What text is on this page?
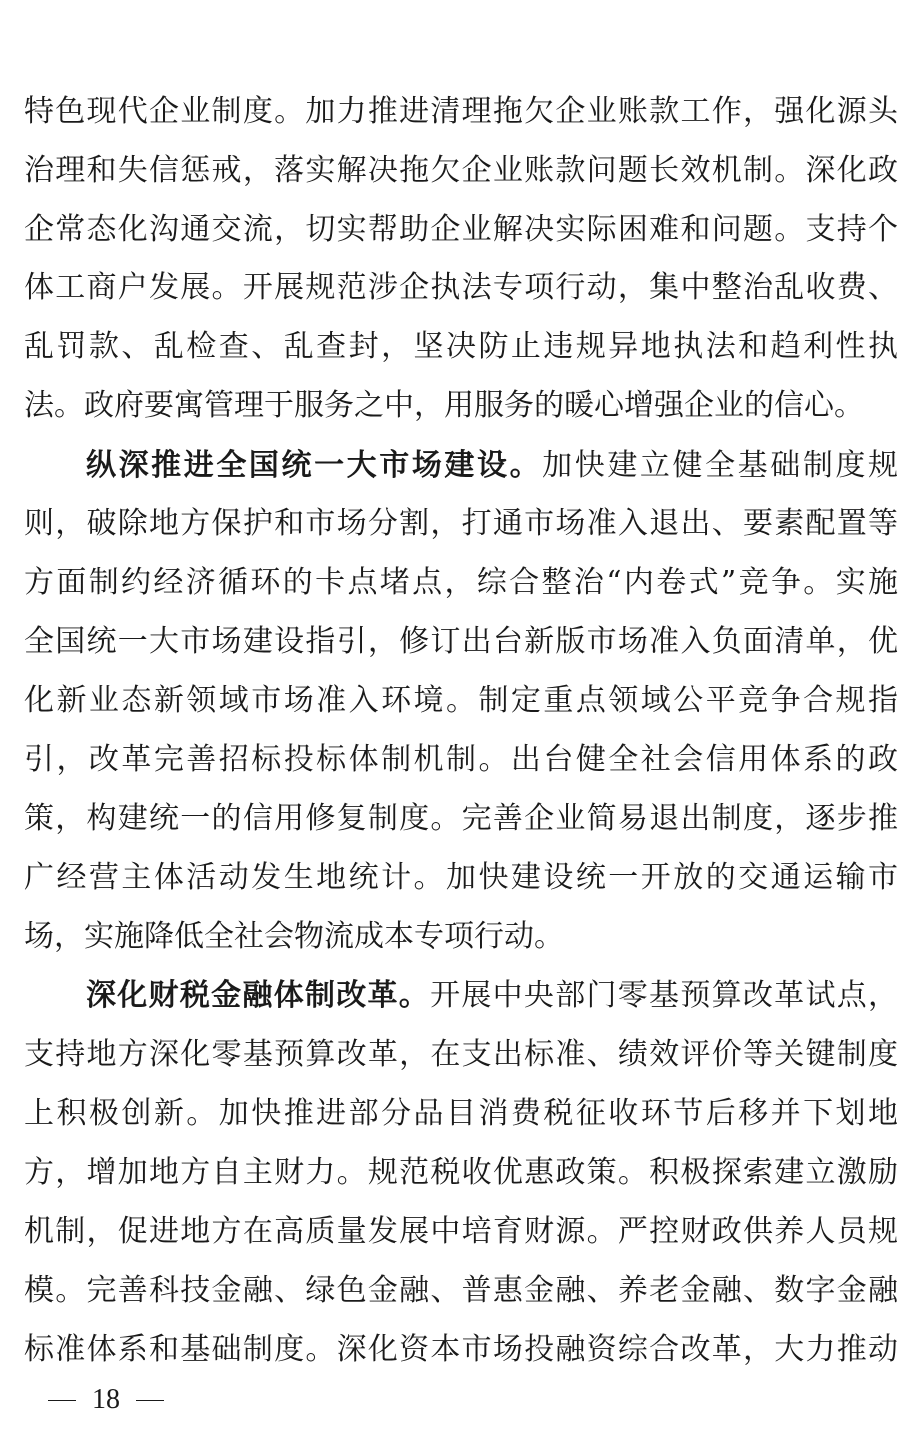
特色现代企业制度。加力推进清理拖欠企业账款工作，强化源头
治理和失信惩戒，落实解决拖欠企业账款问题长效机制。深化政
企常态化沟通交流，切实帮助企业解决实际困难和问题。支持个
体工商户发展。开展规范涉企执法专项行动，集中整治乱收费、
乱罚款、乱检查、乱查封，坚决防止违规异地执法和趋利性执
法。政府要寓管理于服务之中，用服务的暖心增强企业的信心。
纵深推进全国统一大市场建设。加快建立健全基础制度规
则，破除地方保护和市场分割，打通市场准入退出、要素配置等
方面制约经济循环的卡点堵点，综合整治“内卷式”竞争。实施
全国统一大市场建设指引，修订出台新版市场准入负面清单，优
化新业态新领域市场准入环境。制定重点领域公平竞争合规指
引，改革完善招标投标体制机制。出台健全社会信用体系的政
策，构建统一的信用修复制度。完善企业简易退出制度，逐步推
广经营主体活动发生地统计。加快建设统一开放的交通运输市
场，实施降低全社会物流成本专项行动。
深化财税金融体制改革。开展中央部门零基预算改革试点，
支持地方深化零基预算改革，在支出标准、绩效评价等关键制度
上积极创新。加快推进部分品目消费税征收环节后移并下划地
方，增加地方自主财力。规范税收优惠政策。积极探索建立激励
机制，促进地方在高质量发展中培育财源。严控财政供养人员规
模。完善科技金融、绿色金融、普惠金融、养老金融、数字金融
标准体系和基础制度。深化资本市场投融资综合改革，大力推动
18
